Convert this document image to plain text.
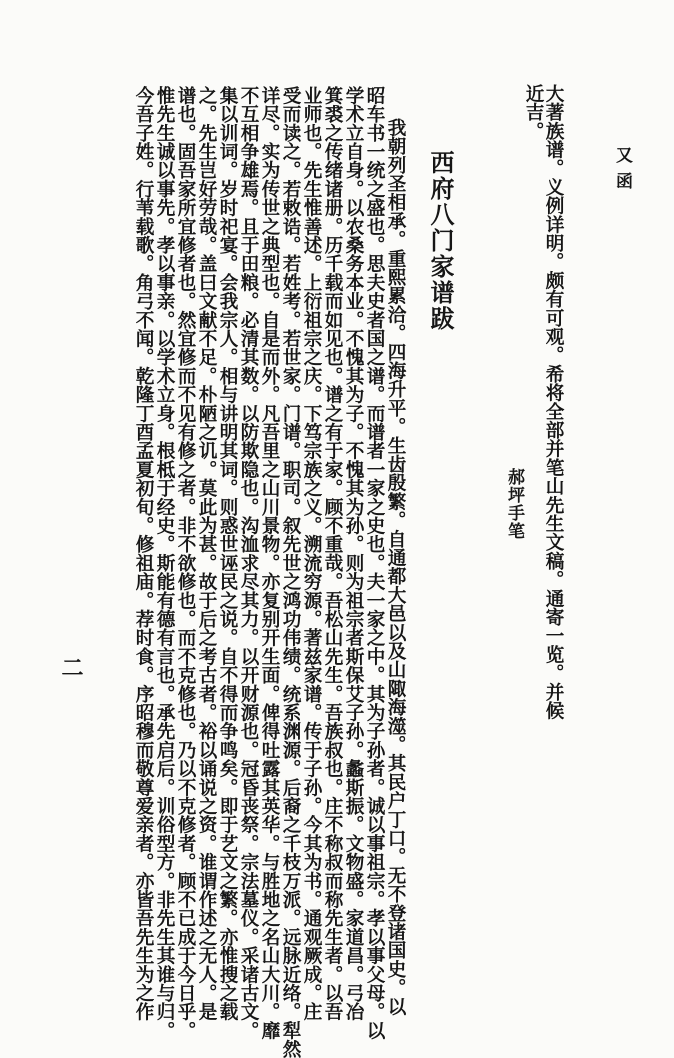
又函
大著族谱。义例详明。颇有可观。希将全部并笔山先生文稿。通寄一览。并候
近吉。
郝坪手笔
西府八门家谱跋
我朝列圣相承。重熙累洽。四海升平。生齿殷繁。自通都大邑以及山陬海澨。其民户丁口。无不登诸国史。以
昭车书一统之盛也。思夫史者国之谱。而谱者一家之史也。夫一家之中。其为子孙者。诚以事祖宗。孝以事父母。以
学术立自身。以农桑务本业。不愧其为子。不愧其为孙。则为祖宗者斯保艾子孙。蠡斯振。文物盛。家道昌。弓冶
箕裘之传绪诸册。历千载而如见也。谱之有于家。顾不重哉。吾松山先生。吾族叔也。庄不称叔而称先生者。以吾
业师也。先生惟善述。上衍祖宗之庆。下笃宗族之义。溯流穷源。著兹家谱。传于子孙。今其为书。通观厥成。庄
受而读之。若敕诰。若姓考。若世家。门谱。职司。叙先世之鸿功伟绩。统系渊源。后裔之千枝万派。远脉近络。犁然
详尽。实为传世之典型也。自是而外。凡吾里之山川景物。亦复别开生面。俾得吐露其英华。与胜地之名山大川。靡
不互相争雄焉。且于田粮。必清其数。以防欺隐也。沟洫求尽其力。以开财源也。冠昏丧祭。宗法墓仪。采诸古文。
集以训词。岁时祀宴。会我宗人。相与讲明其词。则惑世诬民之说。自不得而争鸣矣。即于艺文之繁。亦惟搜之载
之。先生岂好劳哉。盖曰文献不足。朴陋之讥。莫此为甚。故于后之考古者。裕以诵说之资。谁谓作述之无人。是
谱也。固吾家所宜修者也。然宜修而不见有修之者。非不欲修也。而不克修也。乃以不克修者。顾不已成于今日乎。
惟先生诚以事先。孝以事亲。以学术立身。根柢于经史。斯能有德有言也。承先启后。训俗型方。非先生其谁与归。
今吾子姓。行苇载歌。角弓不闻。乾隆丁酉孟夏初旬。修祖庙。荐时食。序昭穆而敬尊爱亲者。亦皆吾先生为之作
二
